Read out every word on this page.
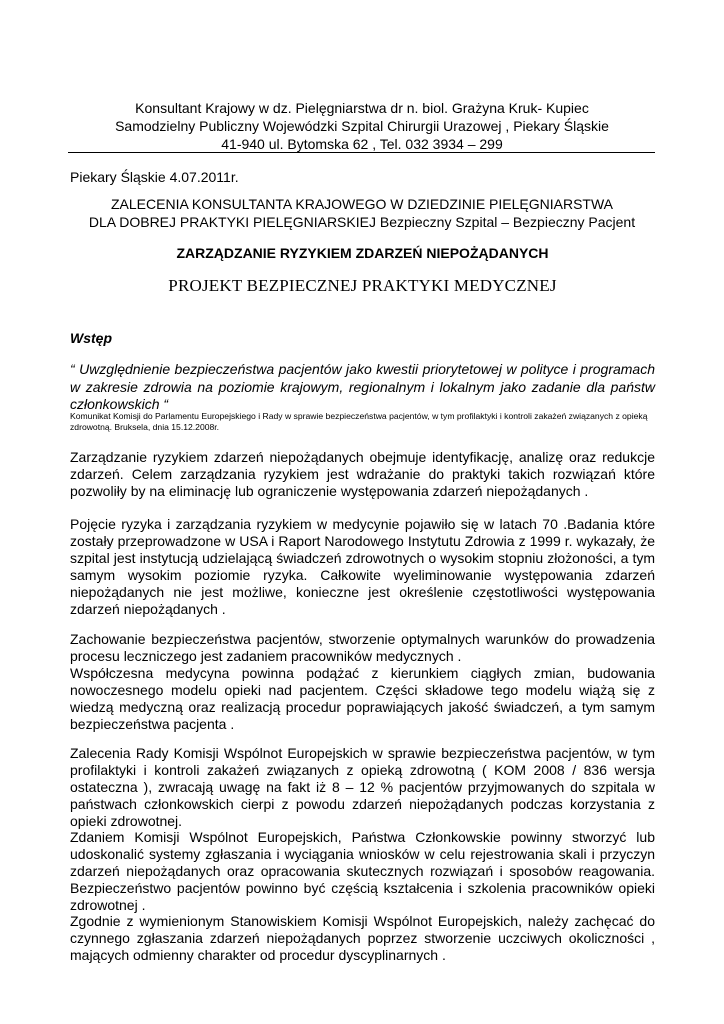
Konsultant Krajowy w dz. Pielęgniarstwa dr n. biol. Grażyna Kruk- Kupiec
Samodzielny Publiczny Wojewódzki Szpital Chirurgii Urazowej , Piekary Śląskie
41-940 ul. Bytomska 62 , Tel. 032 3934 – 299
Piekary Śląskie 4.07.2011r.
ZALECENIA KONSULTANTA KRAJOWEGO W DZIEDZINIE PIELĘGNIARSTWA
DLA DOBREJ PRAKTYKI PIELĘGNIARSKIEJ Bezpieczny Szpital – Bezpieczny Pacjent
ZARZĄDZANIE RYZYKIEM ZDARZEŃ NIEPOŻĄDANYCH
PROJEKT BEZPIECZNEJ PRAKTYKI MEDYCZNEJ
Wstęp
“ Uwzględnienie bezpieczeństwa pacjentów jako kwestii priorytetowej w polityce i programach w zakresie zdrowia na poziomie krajowym, regionalnym i lokalnym jako zadanie dla państw członkowskich “
Komunikat Komisji do Parlamentu Europejskiego i Rady w sprawie bezpieczeństwa pacjentów, w tym profilaktyki i kontroli zakażeń związanych z opieką zdrowotną. Bruksela, dnia 15.12.2008r.
Zarządzanie ryzykiem zdarzeń niepożądanych obejmuje identyfikację, analizę oraz redukcje zdarzeń. Celem zarządzania ryzykiem jest wdrażanie do praktyki takich rozwiązań które pozwoliły by na eliminację lub ograniczenie występowania zdarzeń niepożądanych .
Pojęcie ryzyka i zarządzania ryzykiem w medycynie pojawiło się w latach 70 .Badania które zostały przeprowadzone w USA i Raport Narodowego Instytutu Zdrowia z 1999 r. wykazały, że szpital jest instytucją udzielającą świadczeń zdrowotnych o wysokim stopniu złożoności, a tym samym wysokim poziomie ryzyka. Całkowite wyeliminowanie występowania zdarzeń niepożądanych nie jest możliwe, konieczne jest określenie częstotliwości występowania zdarzeń niepożądanych .
Zachowanie bezpieczeństwa pacjentów, stworzenie optymalnych warunków do prowadzenia procesu leczniczego jest zadaniem pracowników medycznych .
Współczesna medycyna powinna podążać z kierunkiem ciągłych zmian, budowania nowoczesnego modelu opieki nad pacjentem. Części składowe tego modelu wiążą się z wiedzą medyczną oraz realizacją procedur poprawiających jakość świadczeń, a tym samym bezpieczeństwa pacjenta .
Zalecenia Rady Komisji Wspólnot Europejskich w sprawie bezpieczeństwa pacjentów, w tym profilaktyki i kontroli zakażeń związanych z opieką zdrowotną ( KOM 2008 / 836 wersja ostateczna ), zwracają uwagę na fakt iż 8 – 12 % pacjentów przyjmowanych do szpitala w państwach członkowskich cierpi z powodu zdarzeń niepożądanych podczas korzystania z opieki zdrowotnej.
Zdaniem Komisji Wspólnot Europejskich, Państwa Członkowskie powinny stworzyć lub udoskonalić systemy zgłaszania i wyciągania wniosków w celu rejestrowania skali i przyczyn zdarzeń niepożądanych oraz opracowania skutecznych rozwiązań i sposobów reagowania. Bezpieczeństwo pacjentów powinno być częścią kształcenia i szkolenia pracowników opieki zdrowotnej .
Zgodnie z wymienionym Stanowiskiem Komisji Wspólnot Europejskich, należy zachęcać do czynnego zgłaszania zdarzeń niepożądanych poprzez stworzenie uczciwych okoliczności , mających odmienny charakter od procedur dyscyplinarnych .
